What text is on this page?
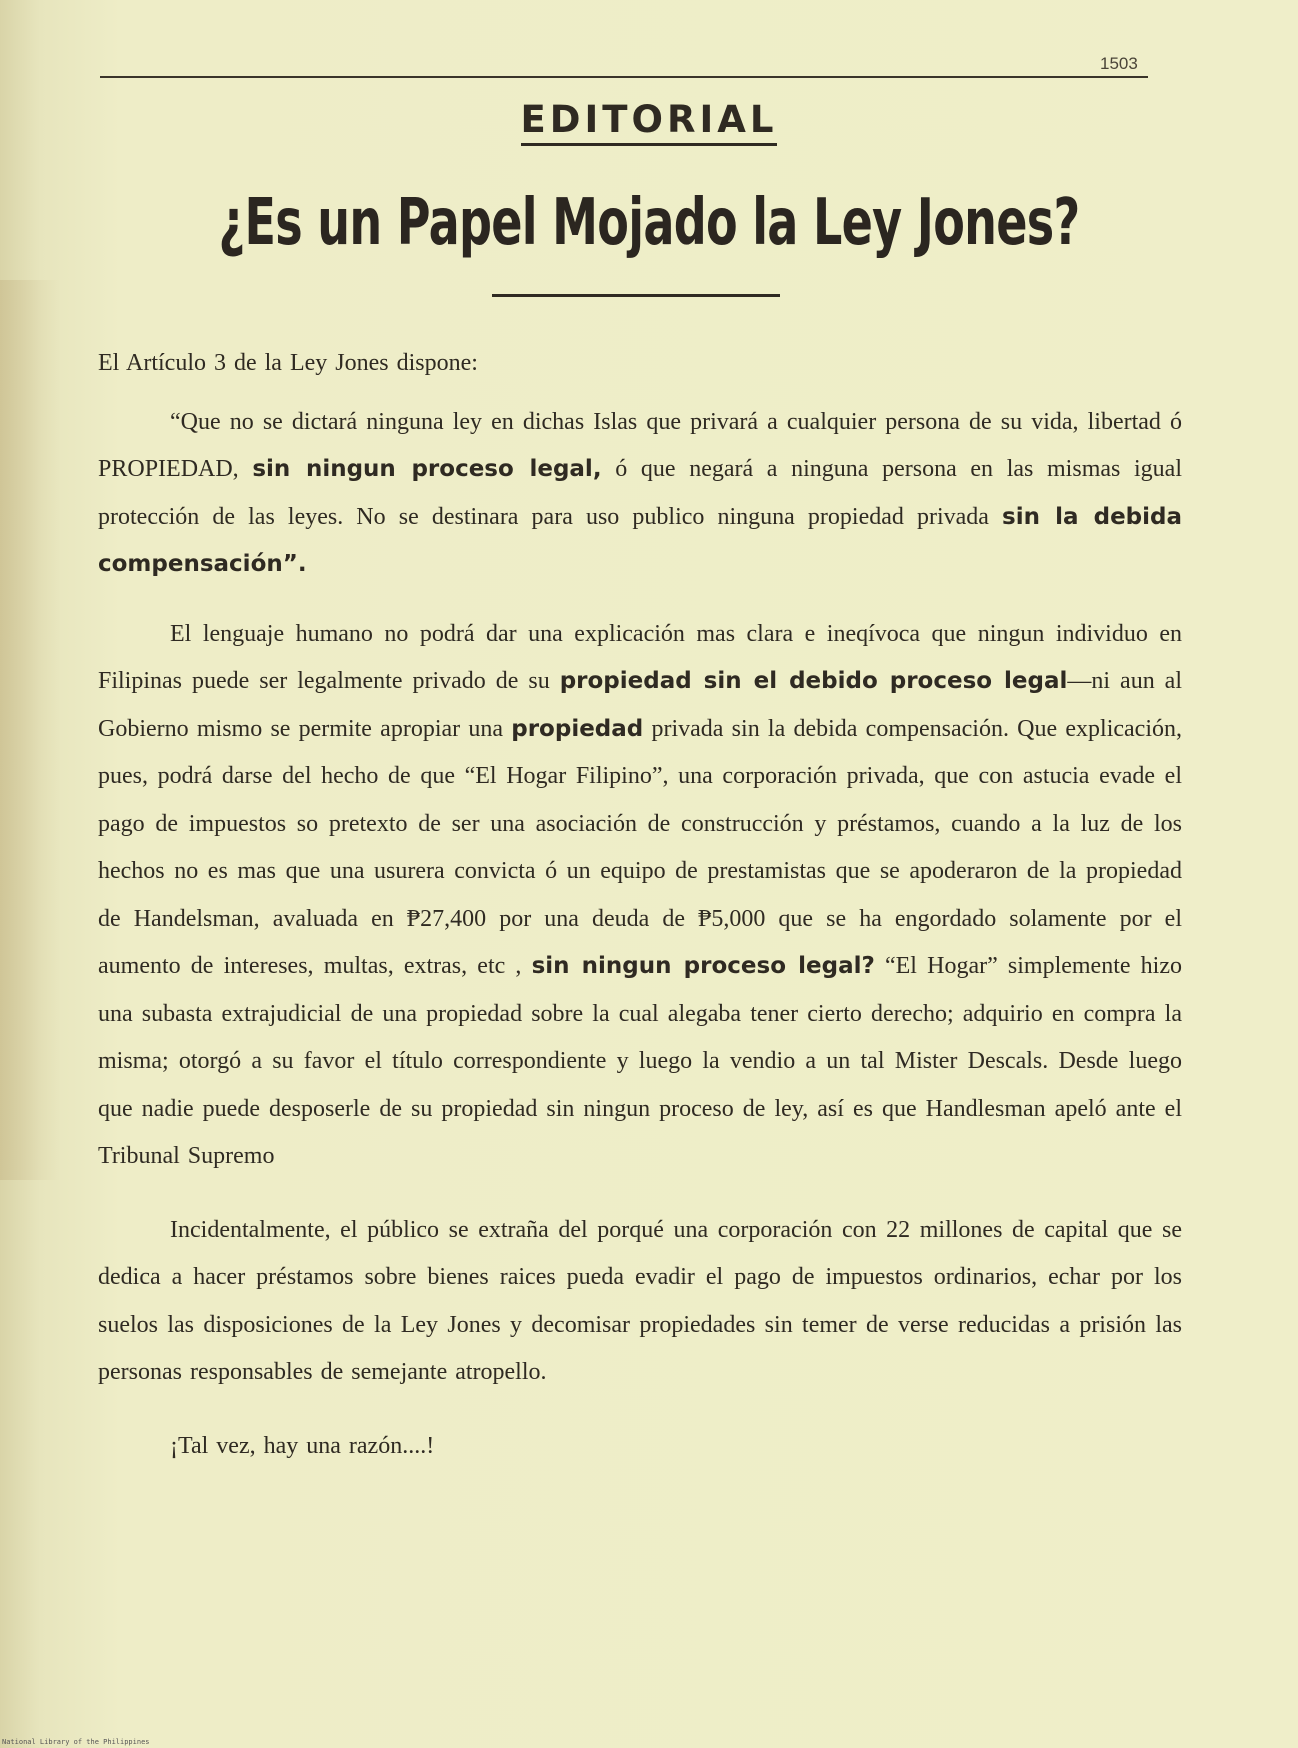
1503
EDITORIAL
¿Es un Papel Mojado la Ley Jones?

El Artículo 3 de la Ley Jones dispone:

“Que no se dictará ninguna ley en dichas Islas que privará a cualquier persona de su vida, libertad ó PROPIEDAD, sin ningun proceso legal, ó que negará a ninguna persona en las mismas igual protección de las leyes. No se destinara para uso publico ninguna propiedad privada sin la debida compensación”.

El lenguaje humano no podrá dar una explicación mas clara e ineqívoca que ningun individuo en Filipinas puede ser legalmente privado de su propiedad sin el debido proceso legal—ni aun al Gobierno mismo se permite apropiar una propiedad privada sin la debida compensación. Que explicación, pues, podrá darse del hecho de que “El Hogar Filipino”, una corporación privada, que con astucia evade el pago de impuestos so pretexto de ser una asociación de construcción y préstamos, cuando a la luz de los hechos no es mas que una usurera convicta ó un equipo de prestamistas que se apoderaron de la propiedad de Handelsman, avaluada en ₱27,400 por una deuda de ₱5,000 que se ha engordado solamente por el aumento de intereses, multas, extras, etc , sin ningun proceso legal? “El Hogar” simplemente hizo una subasta extrajudicial de una propiedad sobre la cual alegaba tener cierto derecho; adquirio en compra la misma; otorgó a su favor el título correspondiente y luego la vendio a un tal Mister Descals. Desde luego que nadie puede desposerle de su propiedad sin ningun proceso de ley, así es que Handlesman apeló ante el Tribunal Supremo

Incidentalmente, el público se extraña del porqué una corporación con 22 millones de capital que se dedica a hacer préstamos sobre bienes raices pueda evadir el pago de impuestos ordinarios, echar por los suelos las disposiciones de la Ley Jones y decomisar propiedades sin temer de verse reducidas a prisión las personas responsables de semejante atropello.

¡Tal vez, hay una razón....!

National Library of the Philippines
